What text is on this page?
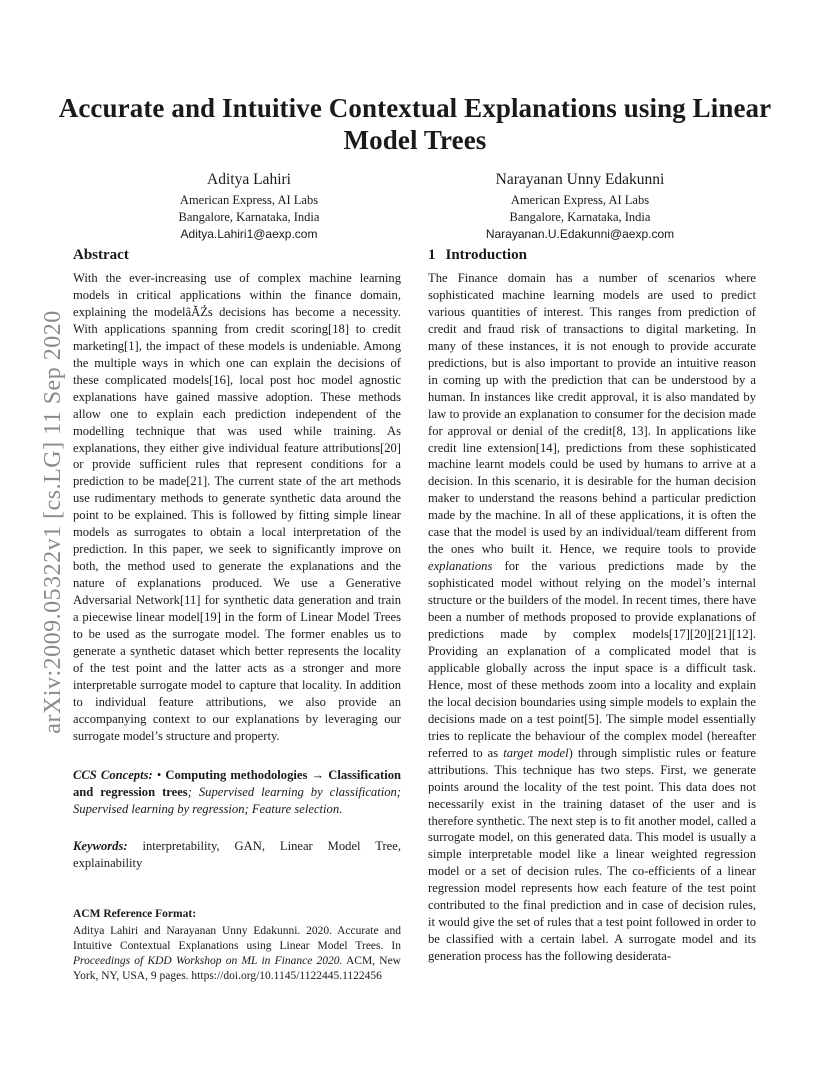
arXiv:2009.05322v1 [cs.LG] 11 Sep 2020
Accurate and Intuitive Contextual Explanations using Linear Model Trees
Aditya Lahiri
American Express, AI Labs
Bangalore, Karnataka, India
Aditya.Lahiri1@aexp.com
Narayanan Unny Edakunni
American Express, AI Labs
Bangalore, Karnataka, India
Narayanan.U.Edakunni@aexp.com
Abstract

With the ever-increasing use of complex machine learning models in critical applications within the finance domain, explaining the modelâĂŹs decisions has become a necessity. With applications spanning from credit scoring[18] to credit marketing[1], the impact of these models is undeniable. Among the multiple ways in which one can explain the decisions of these complicated models[16], local post hoc model agnostic explanations have gained massive adoption. These methods allow one to explain each prediction independent of the modelling technique that was used while training. As explanations, they either give individual feature attributions[20] or provide sufficient rules that represent conditions for a prediction to be made[21]. The current state of the art methods use rudimentary methods to generate synthetic data around the point to be explained. This is followed by fitting simple linear models as surrogates to obtain a local interpretation of the prediction. In this paper, we seek to significantly improve on both, the method used to generate the explanations and the nature of explanations produced. We use a Generative Adversarial Network[11] for synthetic data generation and train a piecewise linear model[19] in the form of Linear Model Trees to be used as the surrogate model. The former enables us to generate a synthetic dataset which better represents the locality of the test point and the latter acts as a stronger and more interpretable surrogate model to capture that locality. In addition to individual feature attributions, we also provide an accompanying context to our explanations by leveraging our surrogate model’s structure and property.

CCS Concepts: • Computing methodologies → Classification and regression trees; Supervised learning by classification; Supervised learning by regression; Feature selection.

Keywords: interpretability, GAN, Linear Model Tree, explainability

ACM Reference Format:
Aditya Lahiri and Narayanan Unny Edakunni. 2020. Accurate and Intuitive Contextual Explanations using Linear Model Trees. In Proceedings of KDD Workshop on ML in Finance 2020. ACM, New York, NY, USA, 9 pages. https://doi.org/10.1145/1122445.1122456
1 Introduction

The Finance domain has a number of scenarios where sophisticated machine learning models are used to predict various quantities of interest. This ranges from prediction of credit and fraud risk of transactions to digital marketing. In many of these instances, it is not enough to provide accurate predictions, but is also important to provide an intuitive reason in coming up with the prediction that can be understood by a human. In instances like credit approval, it is also mandated by law to provide an explanation to consumer for the decision made for approval or denial of the credit[8, 13]. In applications like credit line extension[14], predictions from these sophisticated machine learnt models could be used by humans to arrive at a decision. In this scenario, it is desirable for the human decision maker to understand the reasons behind a particular prediction made by the machine. In all of these applications, it is often the case that the model is used by an individual/team different from the ones who built it. Hence, we require tools to provide explanations for the various predictions made by the sophisticated model without relying on the model’s internal structure or the builders of the model. In recent times, there have been a number of methods proposed to provide explanations of predictions made by complex models[17][20][21][12]. Providing an explanation of a complicated model that is applicable globally across the input space is a difficult task. Hence, most of these methods zoom into a locality and explain the local decision boundaries using simple models to explain the decisions made on a test point[5]. The simple model essentially tries to replicate the behaviour of the complex model (hereafter referred to as target model) through simplistic rules or feature attributions. This technique has two steps. First, we generate points around the locality of the test point. This data does not necessarily exist in the training dataset of the user and is therefore synthetic. The next step is to fit another model, called a surrogate model, on this generated data. This model is usually a simple interpretable model like a linear weighted regression model or a set of decision rules. The co-efficients of a linear regression model represents how each feature of the test point contributed to the final prediction and in case of decision rules, it would give the set of rules that a test point followed in order to be classified with a certain label. A surrogate model and its generation process has the following desiderata-
